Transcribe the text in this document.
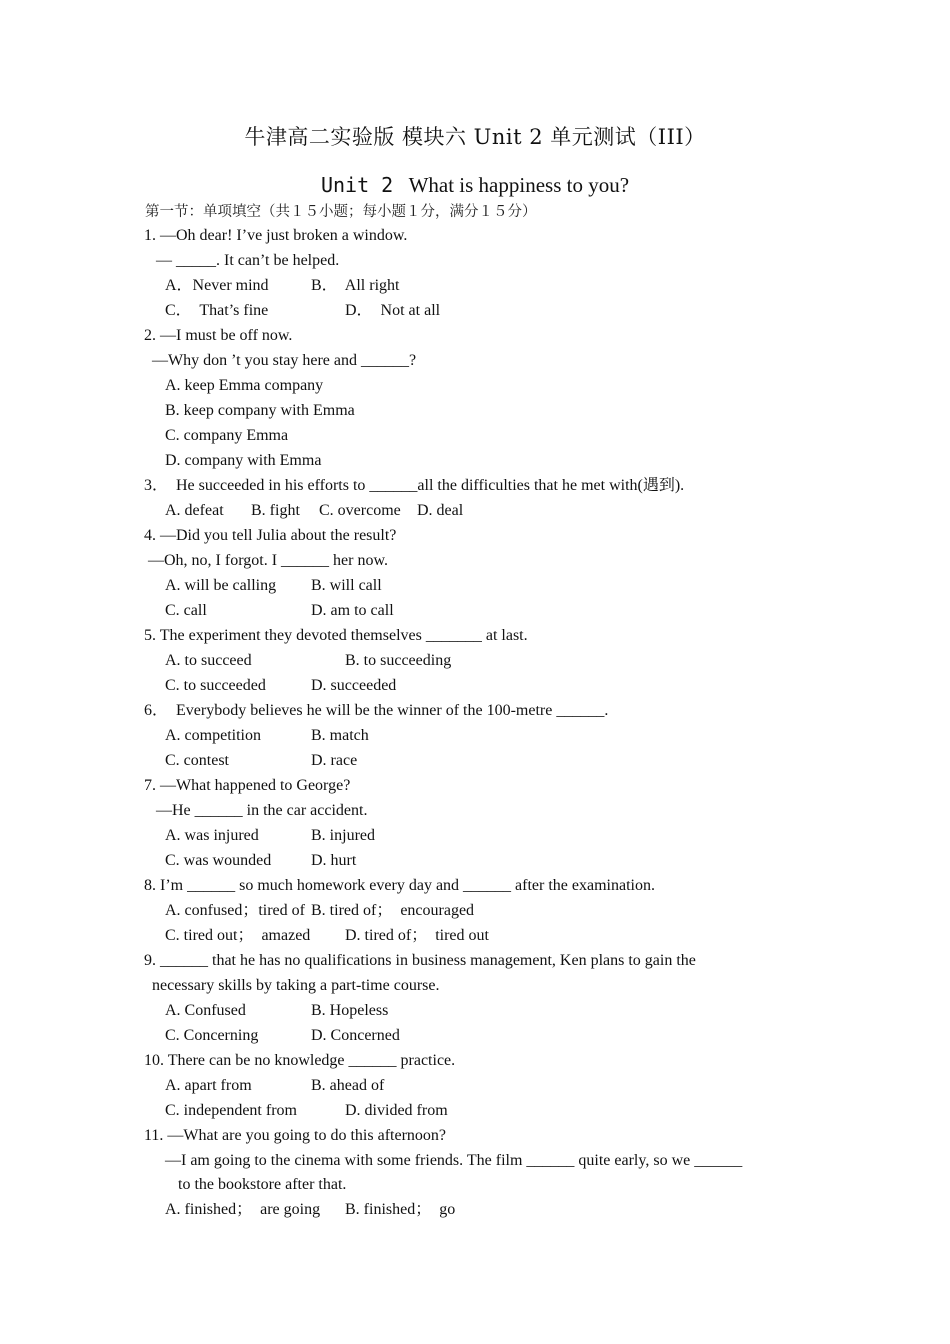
牛津高二实验版 模块六 Unit 2 单元测试（III）
Unit 2 What is happiness to you?
第一节：单项填空（共１５小题；每小题１分，满分１５分）
1. —Oh dear! I’ve just broken a window.
— _____. It can’t be helped.
A．Never mind	B．  All right
C．  That’s fine	D．  Not at all
2. —I must be off now.
—Why don ’t you stay here and ______?
A. keep Emma company
B. keep company with Emma
C. company Emma
D. company with Emma
3．  He succeeded in his efforts to ______all the difficulties that he met with(遇到).
A. defeat B. fight C. overcome D. deal
4. —Did you tell Julia about the result?
—Oh, no, I forgot. I ______ her now.
A. will be calling B. will call
C. call	D. am to call
5. The experiment they devoted themselves _______ at last.
A. to succeed	B. to succeeding
C. to succeeded	D. succeeded
6．  Everybody believes he will be the winner of the 100-metre ______.
A. competition	B. match
C. contest	D. race
7. —What happened to George?
—He ______ in the car accident.
A. was injured	B. injured
C. was wounded D. hurt
8. I’m ______ so much homework every day and ______ after the examination.
A. confused；tired of B. tired of；  encouraged
C. tired out；  amazed D. tired of；  tired out
9. ______ that he has no qualifications in business management, Ken plans to gain the
necessary skills by taking a part-time course.
A. Confused	B. Hopeless
C. Concerning	D. Concerned
10. There can be no knowledge ______ practice.
A. apart from	B. ahead of
C. independent from	D. divided from
11. —What are you going to do this afternoon?
—I am going to the cinema with some friends. The film ______ quite early, so we ______
to the bookstore after that.
A. finished；  are going B. finished；  go
